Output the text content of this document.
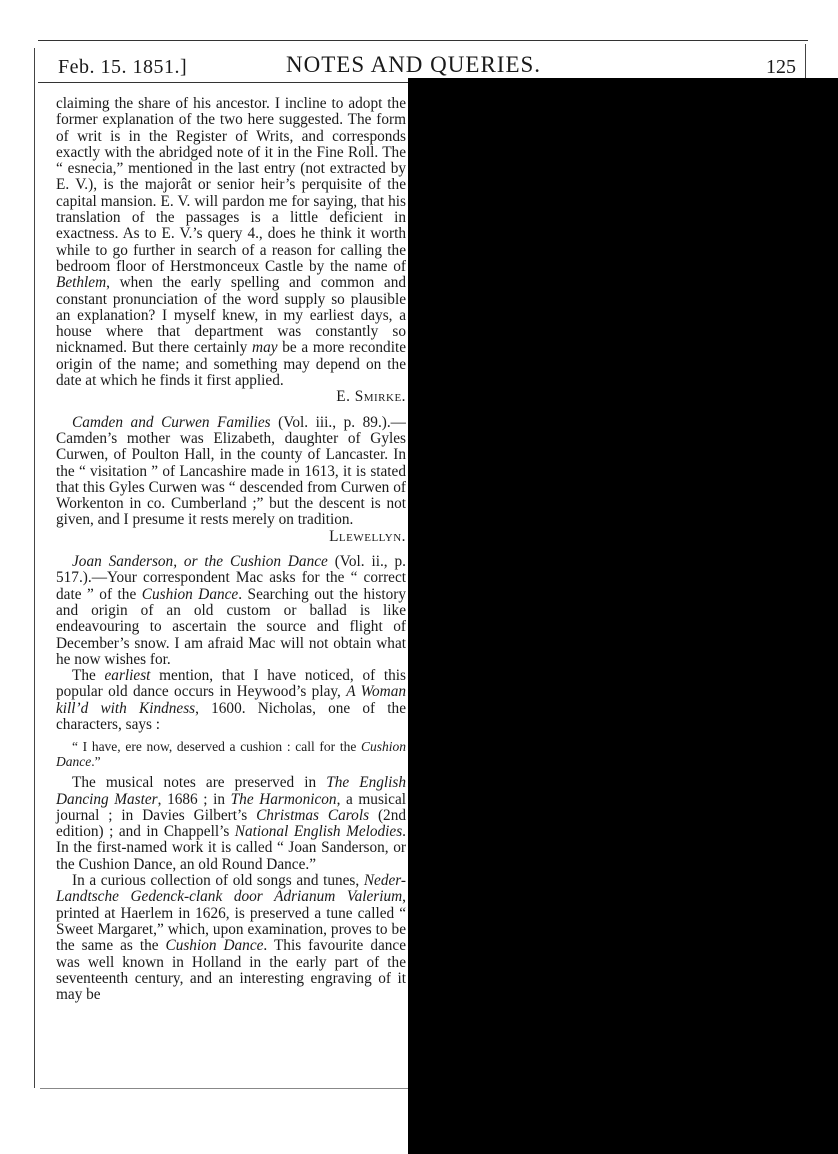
Feb. 15. 1851.]	NOTES AND QUERIES.	125

claiming the share of his ancestor. I incline to adopt the former explanation of the two here suggested. The form of writ is in the Register of Writs, and corresponds exactly with the abridged note of it in the Fine Roll. The “ esnecia,” mentioned in the last entry (not extracted by E. V.), is the majorât or senior heir’s perquisite of the capital mansion. E. V. will pardon me for saying, that his translation of the passages is a little deficient in exactness. As to E. V.’s query 4., does he think it worth while to go further in search of a reason for calling the bedroom floor of Herstmonceux Castle by the name of Bethlem, when the early spelling and common and constant pronunciation of the word supply so plausible an explanation? I myself knew, in my earliest days, a house where that department was constantly so nicknamed. But there certainly may be a more recondite origin of the name; and something may depend on the date at which he finds it first applied.

E. Smirke.

Camden and Curwen Families (Vol. iii., p. 89.).—Camden’s mother was Elizabeth, daughter of Gyles Curwen, of Poulton Hall, in the county of Lancaster. In the “ visitation ” of Lancashire made in 1613, it is stated that this Gyles Curwen was “ descended from Curwen of Workenton in co. Cumberland ;” but the descent is not given, and I presume it rests merely on tradition.

Llewellyn.

Joan Sanderson, or the Cushion Dance (Vol. ii., p. 517.).—Your correspondent Mac asks for the “ correct date ” of the Cushion Dance. Searching out the history and origin of an old custom or ballad is like endeavouring to ascertain the source and flight of December’s snow. I am afraid Mac will not obtain what he now wishes for.

The earliest mention, that I have noticed, of this popular old dance occurs in Heywood’s play, A Woman kill’d with Kindness, 1600. Nicholas, one of the characters, says :

“ I have, ere now, deserved a cushion : call for the Cushion Dance.”

The musical notes are preserved in The English Dancing Master, 1686 ; in The Harmonicon, a musical journal ; in Davies Gilbert’s Christmas Carols (2nd edition) ; and in Chappell’s National English Melodies. In the first-named work it is called “ Joan Sanderson, or the Cushion Dance, an old Round Dance.”

In a curious collection of old songs and tunes, Neder-Landtsche Gedenck-clank door Adrianum Valerium, printed at Haerlem in 1626, is preserved a tune called “ Sweet Margaret,” which, upon examination, proves to be the same as the Cushion Dance. This favourite dance was well known in Holland in the early part of the seventeenth century, and an interesting engraving of it may be
